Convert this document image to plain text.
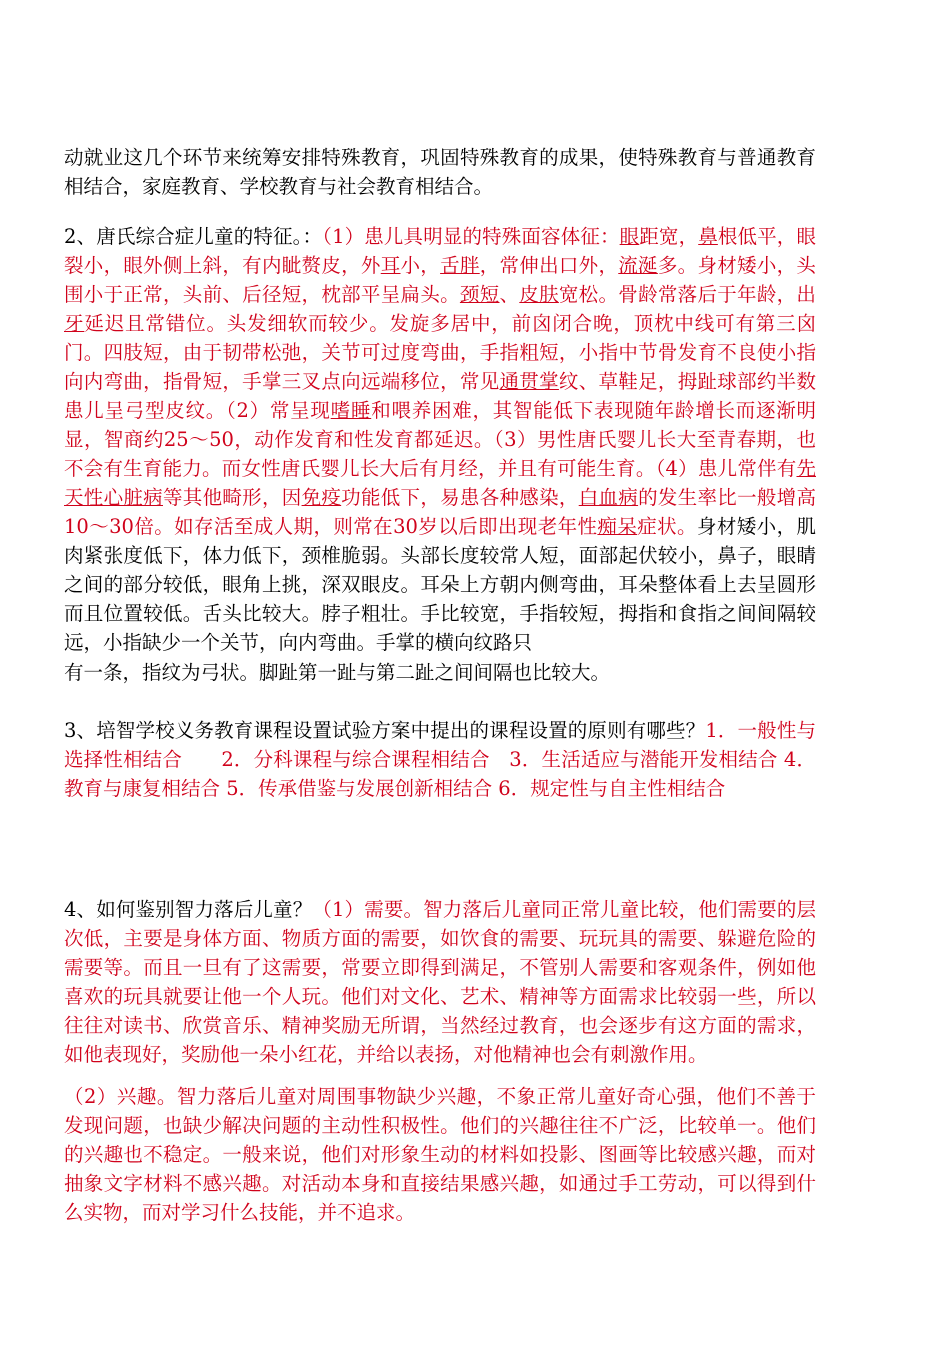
动就业这几个环节来统筹安排特殊教育，巩固特殊教育的成果，使特殊教育与普通教育相结合，家庭教育、学校教育与社会教育相结合。

2、唐氏综合症儿童的特征。：（1）患儿具明显的特殊面容体征：眼距宽，鼻根低平，眼裂小，眼外侧上斜，有内眦赘皮，外耳小，舌胖，常伸出口外，流涎多。身材矮小，头围小于正常，头前、后径短，枕部平呈扁头。颈短、皮肤宽松。骨龄常落后于年龄，出牙延迟且常错位。头发细软而较少。发旋多居中，前囟闭合晚，顶枕中线可有第三囟门。四肢短，由于韧带松弛，关节可过度弯曲，手指粗短，小指中节骨发育不良使小指向内弯曲，指骨短，手掌三叉点向远端移位，常见通贯掌纹、草鞋足，拇趾球部约半数患儿呈弓型皮纹。（2）常呈现嗜睡和喂养困难，其智能低下表现随年龄增长而逐渐明显，智商约25～50，动作发育和性发育都延迟。（3）男性唐氏婴儿长大至青春期，也不会有生育能力。而女性唐氏婴儿长大后有月经，并且有可能生育。（4）患儿常伴有先天性心脏病等其他畸形，因免疫功能低下，易患各种感染，白血病的发生率比一般增高10～30倍。如存活至成人期，则常在30岁以后即出现老年性痴呆症状。身材矮小，肌肉紧张度低下，体力低下，颈椎脆弱。头部长度较常人短，面部起伏较小，鼻子，眼睛之间的部分较低，眼角上挑，深双眼皮。耳朵上方朝内侧弯曲，耳朵整体看上去呈圆形而且位置较低。舌头比较大。脖子粗壮。手比较宽，手指较短，拇指和食指之间间隔较远，小指缺少一个关节，向内弯曲。手掌的横向纹路只

有一条，指纹为弓状。脚趾第一趾与第二趾之间间隔也比较大。

3、培智学校义务教育课程设置试验方案中提出的课程设置的原则有哪些？1．一般性与选择性相结合　　2．分科课程与综合课程相结合　3．生活适应与潜能开发相结合 4．教育与康复相结合 5．传承借鉴与发展创新相结合 6．规定性与自主性相结合

4、如何鉴别智力落后儿童？（1）需要。智力落后儿童同正常儿童比较，他们需要的层次低，主要是身体方面、物质方面的需要，如饮食的需要、玩玩具的需要、躲避危险的需要等。而且一旦有了这需要，常要立即得到满足，不管别人需要和客观条件，例如他喜欢的玩具就要让他一个人玩。他们对文化、艺术、精神等方面需求比较弱一些，所以往往对读书、欣赏音乐、精神奖励无所谓，当然经过教育，也会逐步有这方面的需求，如他表现好，奖励他一朵小红花，并给以表扬，对他精神也会有刺激作用。

（2）兴趣。智力落后儿童对周围事物缺少兴趣，不象正常儿童好奇心强，他们不善于发现问题，也缺少解决问题的主动性积极性。他们的兴趣往往不广泛，比较单一。他们的兴趣也不稳定。一般来说，他们对形象生动的材料如投影、图画等比较感兴趣，而对抽象文字材料不感兴趣。对活动本身和直接结果感兴趣，如通过手工劳动，可以得到什么实物，而对学习什么技能，并不追求。
